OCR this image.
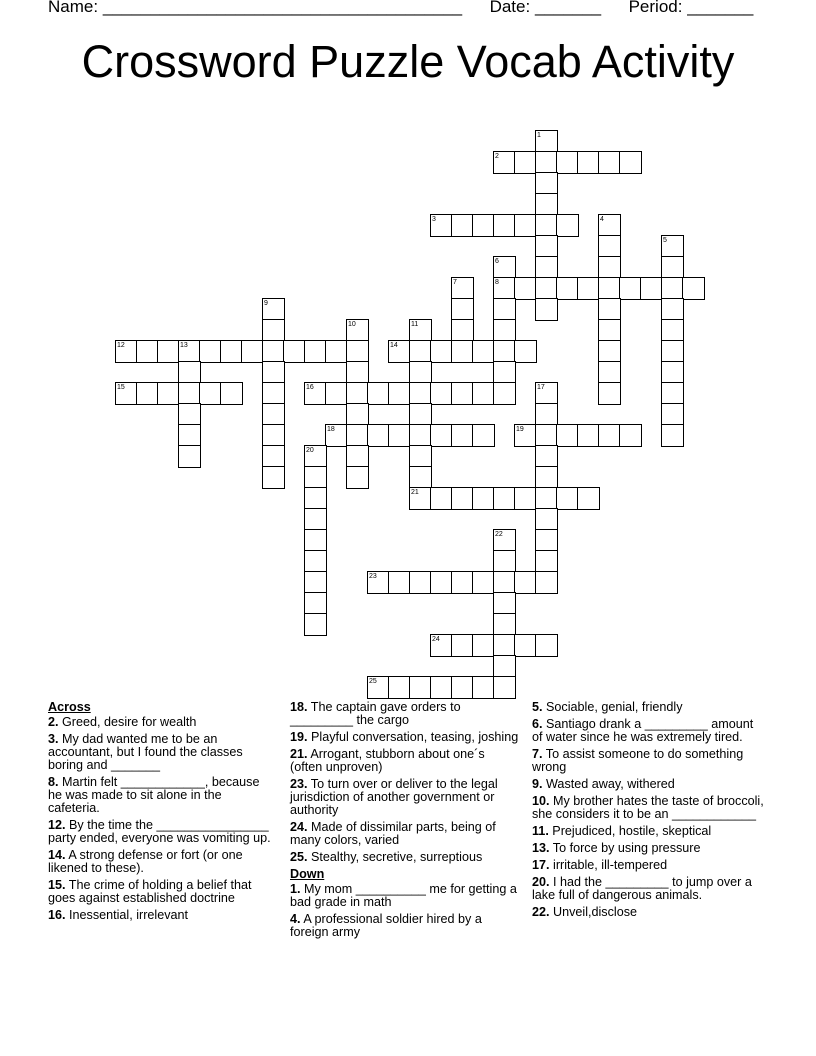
Name: ______________________________________ Date: _______ Period: _______
Crossword Puzzle Vocab Activity
1
2
3	4
5
6
7	8
9
10	11
12	13	14
15	16	17
18	19
20
21
22
23
24
25
Across
2. Greed, desire for wealth
3. My dad wanted me to be an accountant, but I found the classes boring and _______
8. Martin felt ____________, because he was made to sit alone in the cafeteria.
12. By the time the ________________ party ended, everyone was vomiting up.
14. A strong defense or fort (or one likened to these).
15. The crime of holding a belief that goes against established doctrine
16. Inessential, irrelevant
18. The captain gave orders to _________ the cargo
19. Playful conversation, teasing, joshing
21. Arrogant, stubborn about one´s (often unproven)
23. To turn over or deliver to the legal jurisdiction of another government or authority
24. Made of dissimilar parts, being of many colors, varied
25. Stealthy, secretive, surreptious
Down
1. My mom __________ me for getting a bad grade in math
4. A professional soldier hired by a foreign army
5. Sociable, genial, friendly
6. Santiago drank a _________ amount of water since he was extremely tired.
7. To assist someone to do something wrong
9. Wasted away, withered
10. My brother hates the taste of broccoli, she considers it to be an ____________
11. Prejudiced, hostile, skeptical
13. To force by using pressure
17. irritable, ill-tempered
20. I had the _________ to jump over a lake full of dangerous animals.
22. Unveil,disclose
